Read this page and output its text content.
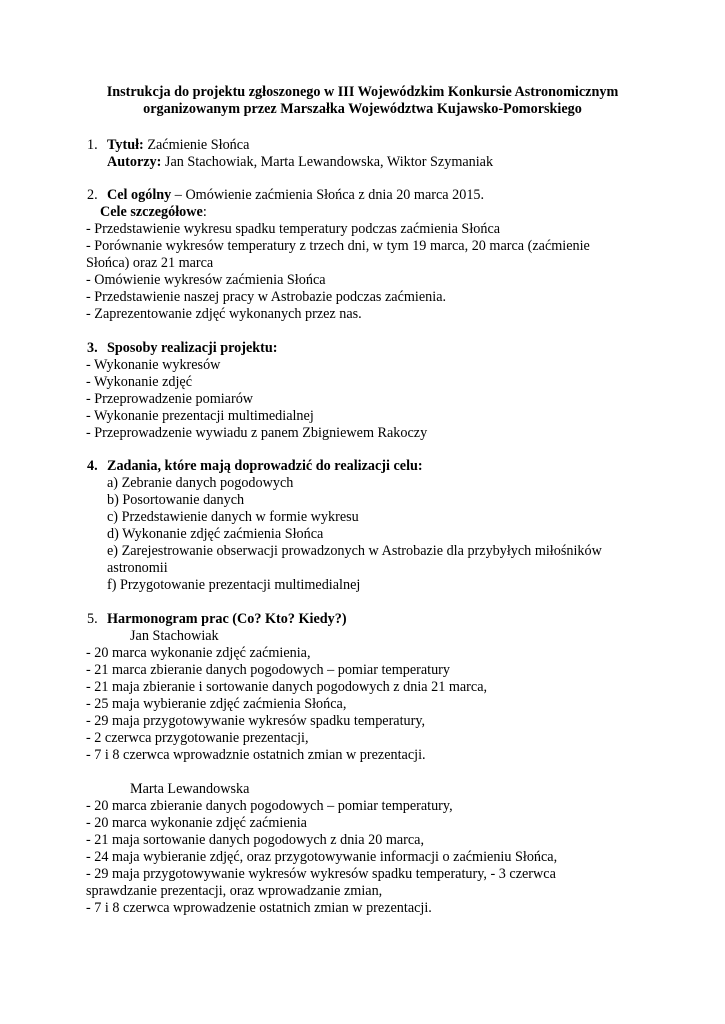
Instrukcja do projektu zgłoszonego w III Wojewódzkim Konkursie Astronomicznym
organizowanym przez Marszałka Województwa Kujawsko-Pomorskiego
1. Tytuł: Zaćmienie Słońca
Autorzy: Jan Stachowiak, Marta Lewandowska, Wiktor Szymaniak
2. Cel ogólny – Omówienie zaćmienia Słońca z dnia 20 marca 2015.
Cele szczegółowe:
- Przedstawienie wykresu spadku temperatury podczas zaćmienia Słońca
- Porównanie wykresów temperatury z trzech dni, w tym 19 marca, 20 marca (zaćmienie
Słońca) oraz 21 marca
- Omówienie wykresów zaćmienia Słońca
- Przedstawienie naszej pracy w Astrobazie podczas zaćmienia.
- Zaprezentowanie zdjęć wykonanych przez nas.
3. Sposoby realizacji projektu:
- Wykonanie wykresów
- Wykonanie zdjęć
- Przeprowadzenie pomiarów
- Wykonanie prezentacji multimedialnej
- Przeprowadzenie wywiadu z panem Zbigniewem Rakoczy
4. Zadania, które mają doprowadzić do realizacji celu:
a) Zebranie danych pogodowych
b) Posortowanie danych
c) Przedstawienie danych w formie wykresu
d) Wykonanie zdjęć zaćmienia Słońca
e) Zarejestrowanie obserwacji prowadzonych w Astrobazie dla przybyłych miłośników
astronomii
f) Przygotowanie prezentacji multimedialnej
5. Harmonogram prac (Co? Kto? Kiedy?)
Jan Stachowiak
- 20 marca wykonanie zdjęć zaćmienia,
- 21 marca zbieranie danych pogodowych – pomiar temperatury
- 21 maja zbieranie i sortowanie danych pogodowych z dnia 21 marca,
- 25 maja wybieranie zdjęć zaćmienia Słońca,
- 29 maja przygotowywanie wykresów spadku temperatury,
- 2 czerwca przygotowanie prezentacji,
- 7 i 8 czerwca wprowadznie ostatnich zmian w prezentacji.
Marta Lewandowska
- 20 marca zbieranie danych pogodowych – pomiar temperatury,
- 20 marca wykonanie zdjęć zaćmienia
- 21 maja sortowanie danych pogodowych z dnia 20 marca,
- 24 maja wybieranie zdjęć, oraz przygotowywanie informacji o zaćmieniu Słońca,
- 29 maja przygotowywanie wykresów wykresów spadku temperatury, - 3 czerwca
sprawdzanie prezentacji, oraz wprowadzanie zmian,
- 7 i 8 czerwca wprowadzenie ostatnich zmian w prezentacji.
